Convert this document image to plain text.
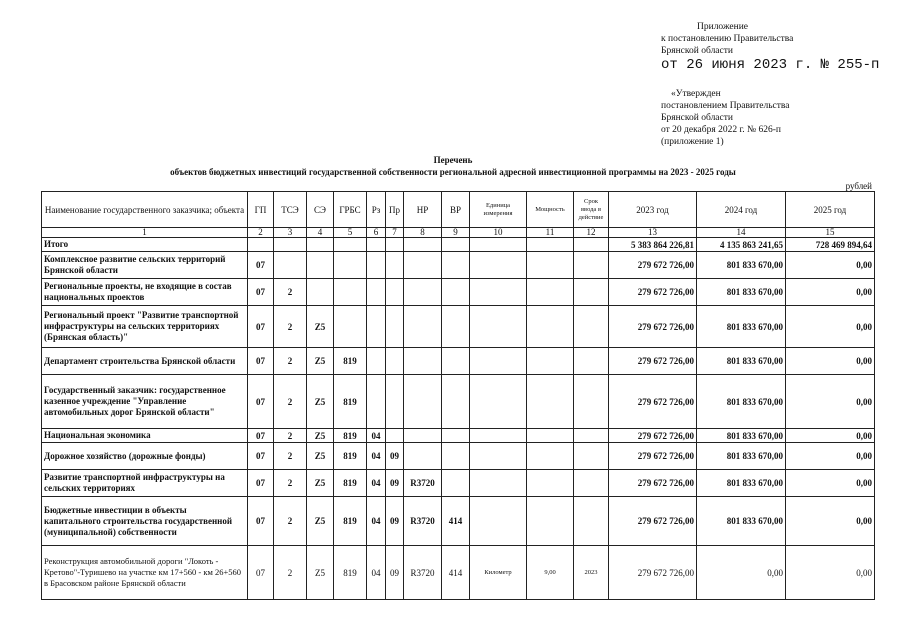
Приложение
к постановлению Правительства
Брянской области
от 26 июня 2023 г. № 255-п
«Утвержден
постановлением Правительства
Брянской области
от 20 декабря 2022 г. № 626-п
(приложение 1)
Перечень
объектов бюджетных инвестиций государственной собственности региональной адресной инвестиционной программы на 2023 - 2025 годы
рублей
Наименование государственного заказчика; объекта	ГП	ТСЭ	СЭ	ГРБС	Рз	Пр	НР	ВР	Единица измерения	Мощность	Срок ввода в действие	2023 год	2024 год	2025 год
1	2	3	4	5	6	7	8	9	10	11	12	13	14	15
Итого												5 383 864 226,81	4 135 863 241,65	728 469 894,64
Комплексное развитие сельских территорий Брянской области	07											279 672 726,00	801 833 670,00	0,00
Региональные проекты, не входящие в состав национальных проектов	07	2										279 672 726,00	801 833 670,00	0,00
Региональный проект "Развитие транспортной инфраструктуры на сельских территориях (Брянская область)"	07	2	Z5									279 672 726,00	801 833 670,00	0,00
Департамент строительства Брянской области	07	2	Z5	819								279 672 726,00	801 833 670,00	0,00
Государственный заказчик: государственное казенное учреждение "Управление автомобильных дорог Брянской области"	07	2	Z5	819								279 672 726,00	801 833 670,00	0,00
Национальная экономика	07	2	Z5	819	04							279 672 726,00	801 833 670,00	0,00
Дорожное хозяйство (дорожные фонды)	07	2	Z5	819	04	09						279 672 726,00	801 833 670,00	0,00
Развитие транспортной инфраструктуры на сельских территориях	07	2	Z5	819	04	09	R3720					279 672 726,00	801 833 670,00	0,00
Бюджетные инвестиции в объекты капитального строительства государственной (муниципальной) собственности	07	2	Z5	819	04	09	R3720	414				279 672 726,00	801 833 670,00	0,00
Реконструкция автомобильной дороги "Локоть - Кретово"-Туришево на участке км 17+560 - км 26+560 в Брасовском районе Брянской области	07	2	Z5	819	04	09	R3720	414	Километр	9,00	2023	279 672 726,00	0,00	0,00
